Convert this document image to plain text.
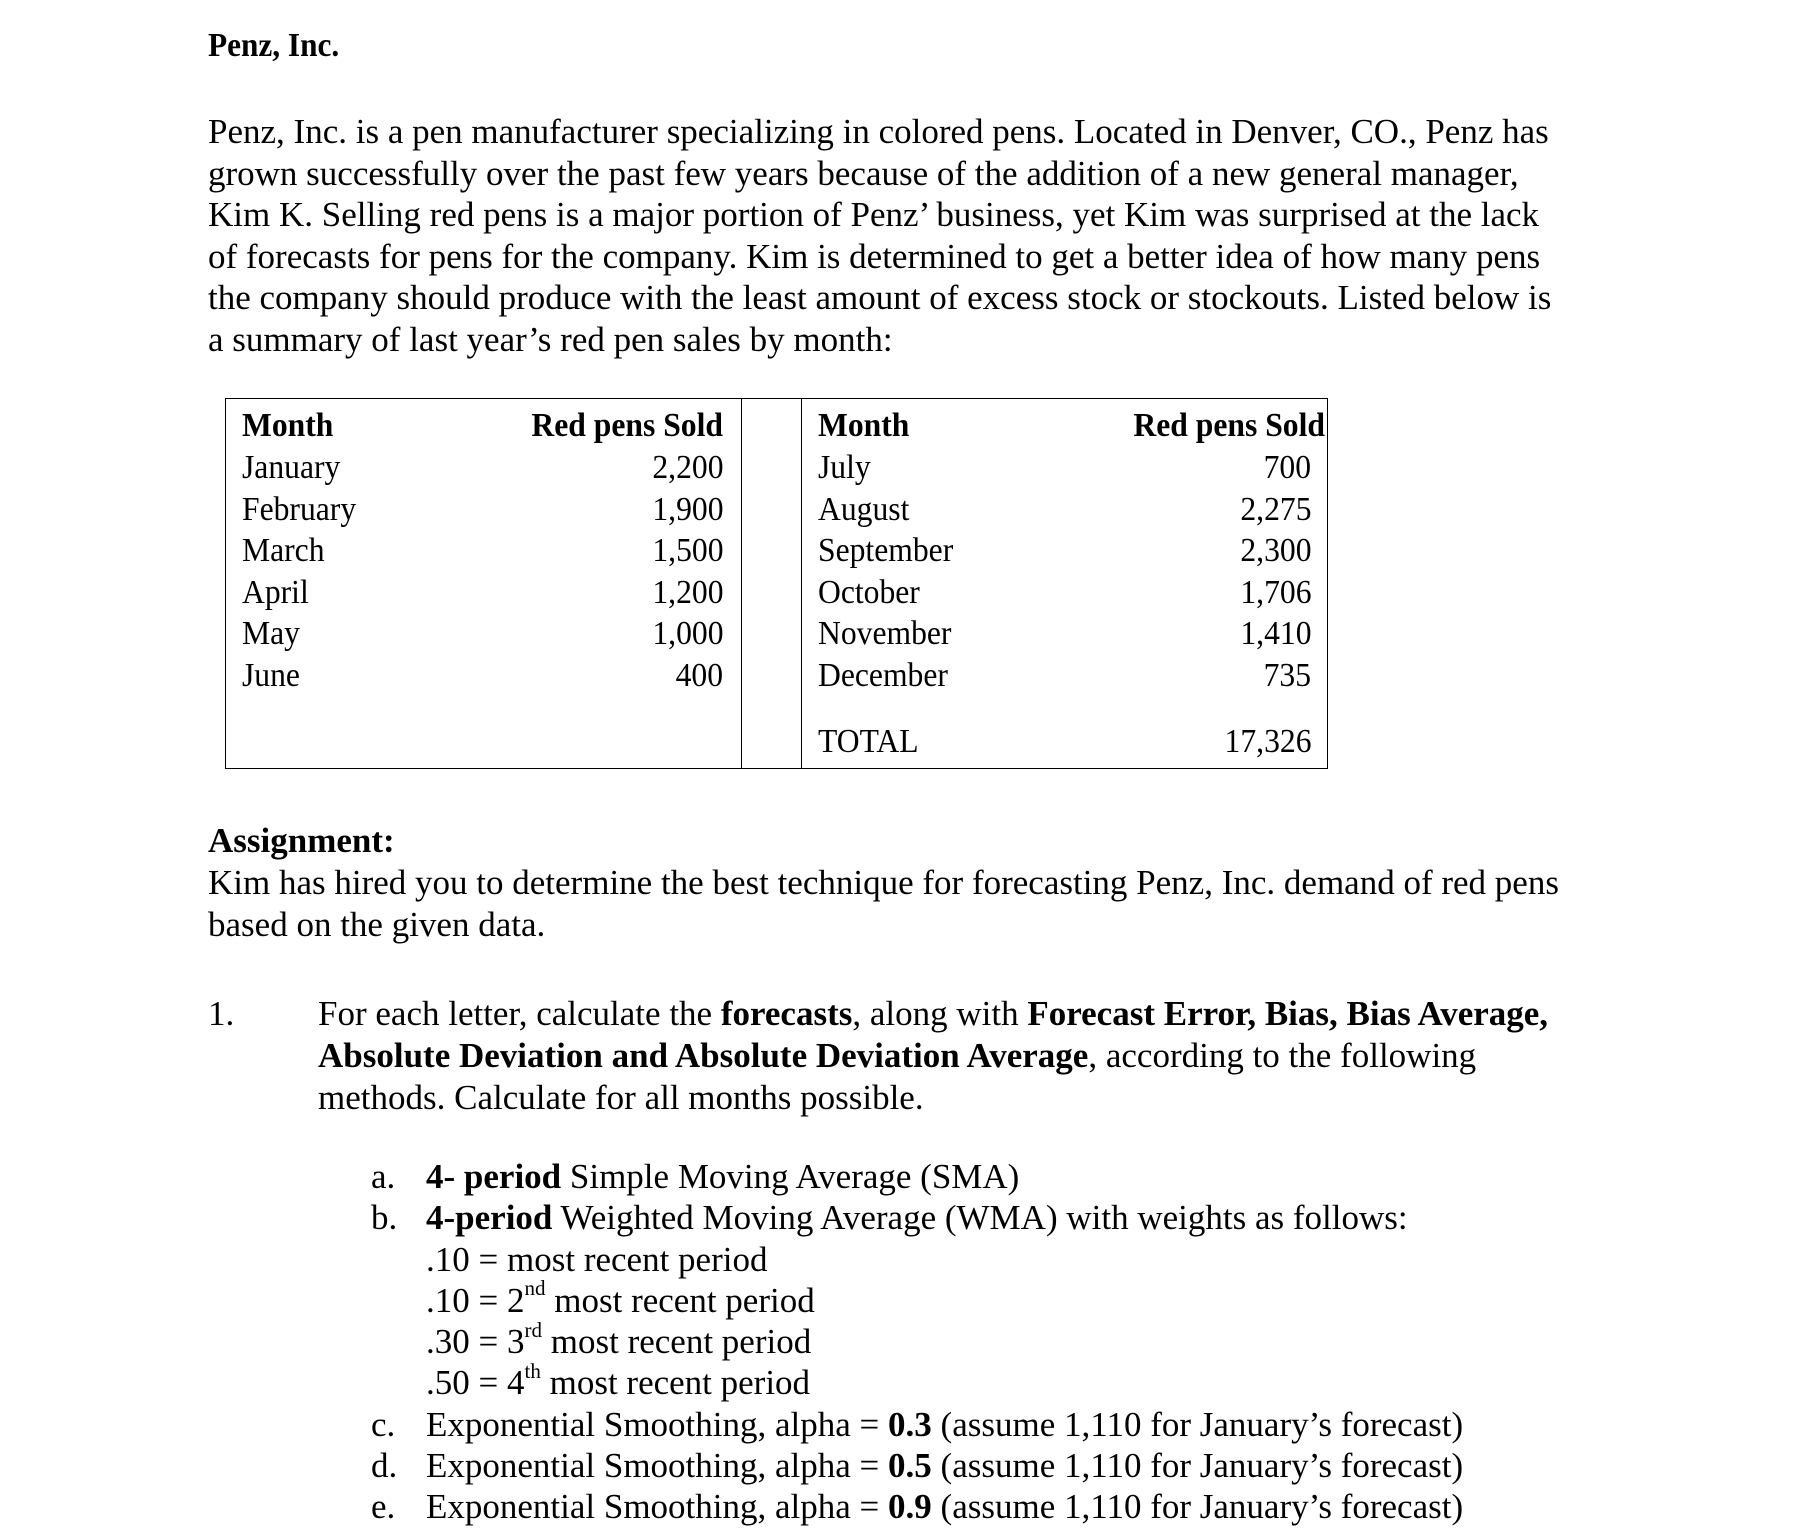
Penz, Inc.
Penz, Inc. is a pen manufacturer specializing in colored pens. Located in Denver, CO., Penz has
grown successfully over the past few years because of the addition of a new general manager,
Kim K. Selling red pens is a major portion of Penz’ business, yet Kim was surprised at the lack
of forecasts for pens for the company. Kim is determined to get a better idea of how many pens
the company should produce with the least amount of excess stock or stockouts. Listed below is
a summary of last year’s red pen sales by month:
Month	Red pens Sold
January	2,200
February	1,900
March	1,500
April	1,200
May	1,000
June	400
Month	Red pens Sold
July	700
August	2,275
September	2,300
October	1,706
November	1,410
December	735
TOTAL	17,326
Assignment:
Kim has hired you to determine the best technique for forecasting Penz, Inc. demand of red pens
based on the given data.
1. For each letter, calculate the forecasts, along with Forecast Error, Bias, Bias Average,
Absolute Deviation and Absolute Deviation Average, according to the following
methods. Calculate for all months possible.
a. 4- period Simple Moving Average (SMA)
b. 4-period Weighted Moving Average (WMA) with weights as follows:
.10 = most recent period
.10 = 2nd most recent period
.30 = 3rd most recent period
.50 = 4th most recent period
c. Exponential Smoothing, alpha = 0.3 (assume 1,110 for January’s forecast)
d. Exponential Smoothing, alpha = 0.5 (assume 1,110 for January’s forecast)
e. Exponential Smoothing, alpha = 0.9 (assume 1,110 for January’s forecast)
